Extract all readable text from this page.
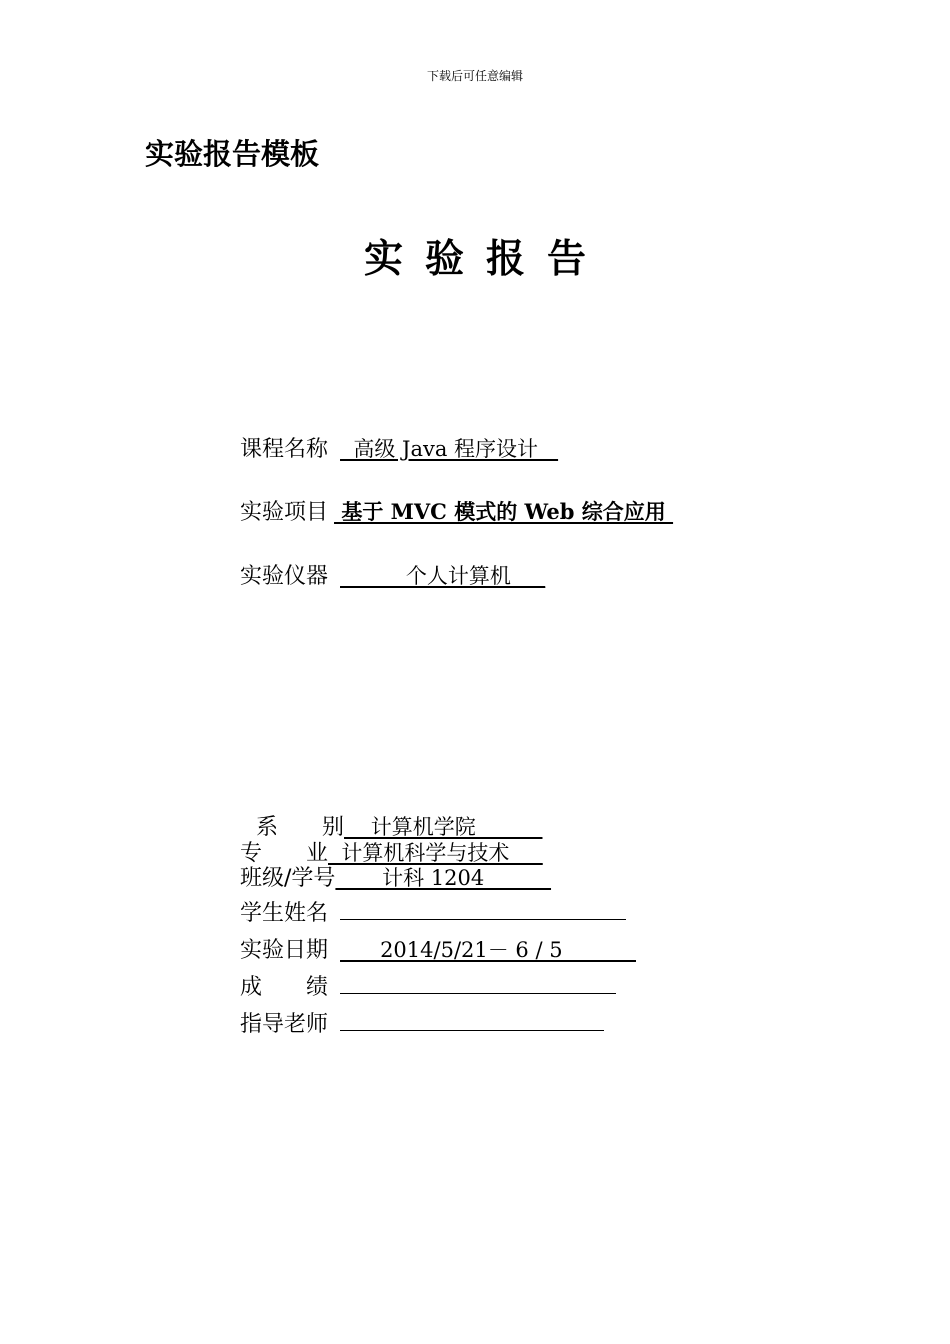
下载后可任意编辑
实验报告模板
实验报告
课程名称 高级 Java 程序设计
实验项目 基于 MVC 模式的 Web 综合应用
实验仪器 _____  个人计算机  __
系　　别 计算机学院
专　　业 计算机科学与技术
班级/学号 计科 1204
学生姓名
实验日期 2014/5/21－ 6 / 5
成　　绩
指导老师
